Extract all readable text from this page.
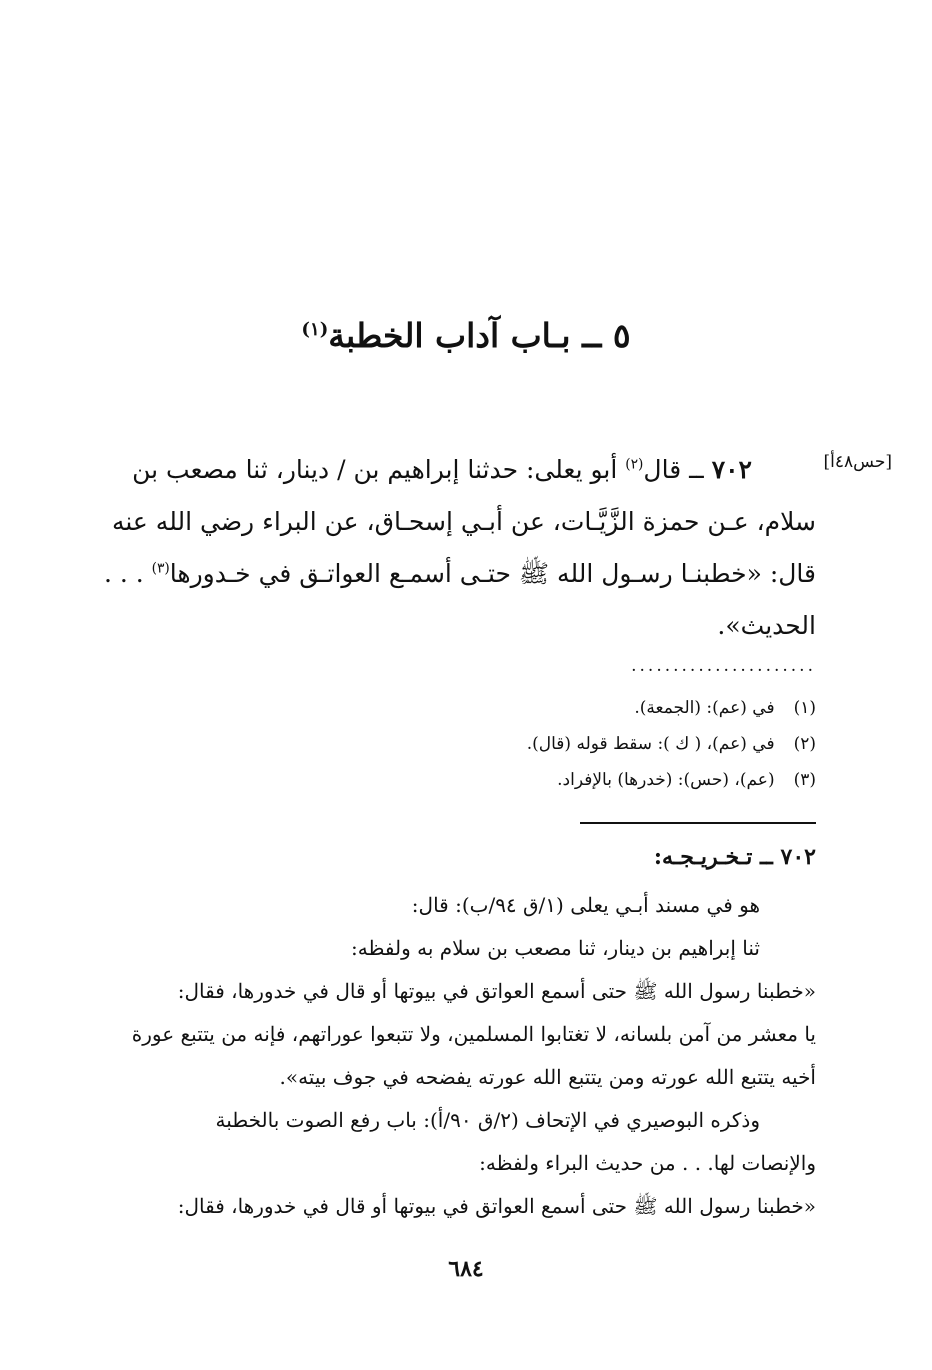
٥ ــ بـاب آداب الخطبة$^{(١)}$
[حس٤٨أ]
٧٠٢ ــ قال$^{(٢)}$ أبو يعلى: حدثنا إبراهيم بن / دينار، ثنا مصعب بن
سلام، عـن حمزة الزَّيَّـات، عن أبـي إسحـاق، عن البراء رضي الله عنه
قال: «خطبنـا رسـول الله ﷺ حتـى أسمـع العواتـق في خـدورها$^{(٣)}$ . . .
الحديث».
......................
(١) في (عم): (الجمعة).
(٢) في (عم)، ( ك ): سقط قوله (قال).
(٣) (عم)، (حس): (خدرها) بالإفراد.
٧٠٢ ــ تـخـريـجـه:
هو في مسند أبـي يعلى (١/ق ٩٤/ب): قال:
ثنا إبراهيم بن دينار، ثنا مصعب بن سلام به ولفظه:
«خطبنا رسول الله ﷺ حتى أسمع العواتق في بيوتها أو قال في خدورها، فقال:
يا معشر من آمن بلسانه، لا تغتابوا المسلمين، ولا تتبعوا عوراتهم، فإنه من يتتبع عورة
أخيه يتتبع الله عورته ومن يتتبع الله عورته يفضحه في جوف بيته».
وذكره البوصيري في الإتحاف (٢/ق ٩٠/أ): باب رفع الصوت بالخطبة
والإنصات لها. . . من حديث البراء ولفظه:
«خطبنا رسول الله ﷺ حتى أسمع العواتق في بيوتها أو قال في خدورها، فقال:
٦٨٤
